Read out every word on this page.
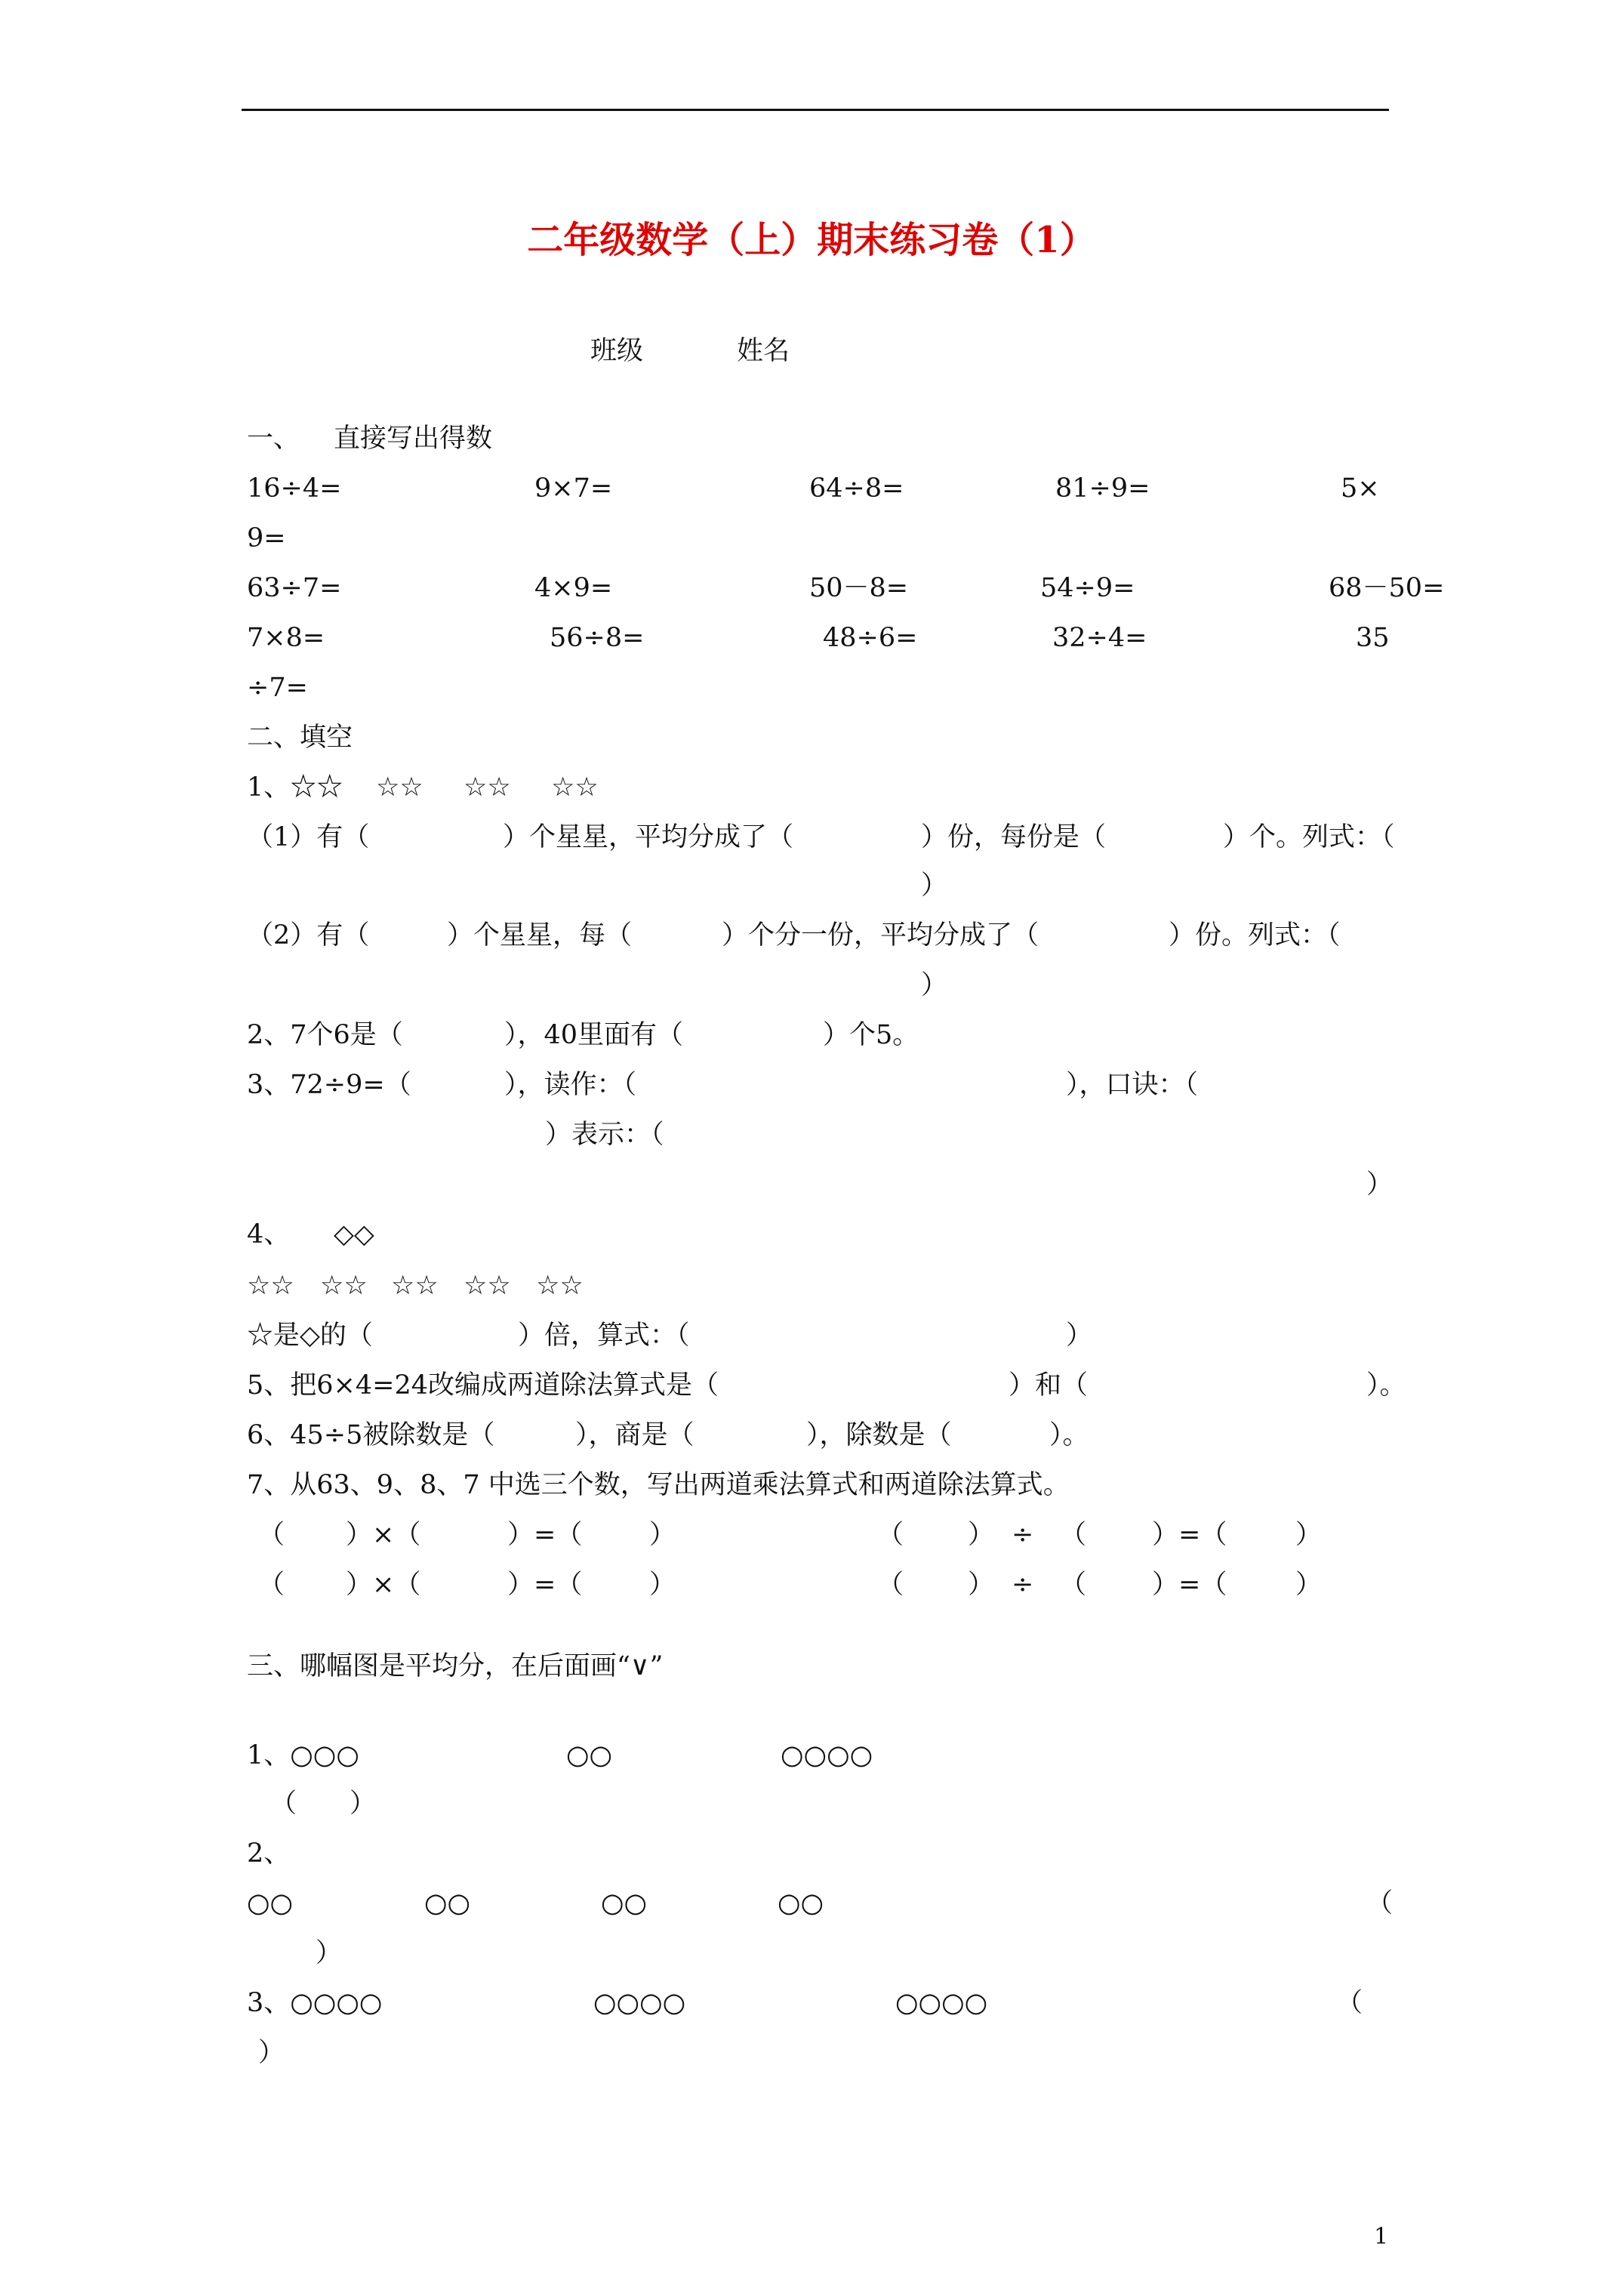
二年级数学（上）期末练习卷（1）
班级	姓名
一、 直接写出得数
16÷4=	9×7=	64÷8=	81÷9=	5×
9=
63÷7=	4×9=	50－8=	54÷9=	68－50=
7×8=	56÷8=	48÷6=	32÷4=	35
÷7=
二、填空
1、☆☆ ☆☆ ☆☆ ☆☆
（1）有（	）个星星，平均分成了（	）份，每份是（	）个。列式：（
）
（2）有（	）个星星，每（	）个分一份，平均分成了（	）份。列式：（
）
2、7个6是（	），40里面有（	）个5。
3、72÷9=（	），读作：（	），口诀：（
）表示：（
）
4、 ◇◇
☆☆ ☆☆ ☆☆ ☆☆ ☆☆
☆是◇的（	）倍，算式：（	）
5、把6×4=24改编成两道除法算式是（	）和（	）。
6、45÷5被除数是（	），商是（	），除数是（	）。
7、从63、9、8、7 中选三个数，写出两道乘法算式和两道除法算式。
（ ）×（	）=（	）
（ ）×（	）=（	）
（ ） ÷ （ ）=（	）
（ ） ÷ （ ）=（	）
三、哪幅图是平均分，在后面画“∨”
1、○○○	○○	○○○○
（　　）
2、
○○	○○	○○	○○	（
）
3、○○○○	○○○○	○○○○	（
）
1
